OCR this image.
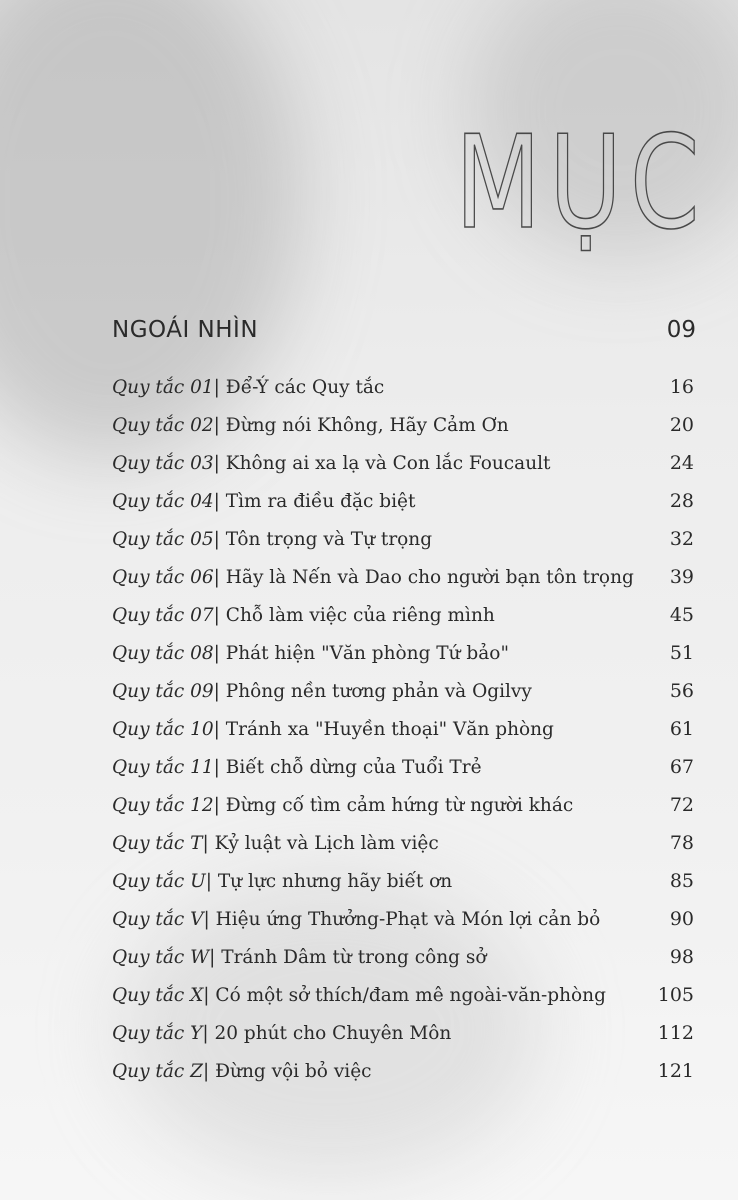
MỤC
NGOÁI NHÌN	09
Quy tắc 01| Để-Ý các Quy tắc	16
Quy tắc 02| Đừng nói Không, Hãy Cảm Ơn	20
Quy tắc 03| Không ai xa lạ và Con lắc Foucault	24
Quy tắc 04| Tìm ra điều đặc biệt	28
Quy tắc 05| Tôn trọng và Tự trọng	32
Quy tắc 06| Hãy là Nến và Dao cho người bạn tôn trọng 39
Quy tắc 07| Chỗ làm việc của riêng mình	45
Quy tắc 08| Phát hiện "Văn phòng Tứ bảo"	51
Quy tắc 09| Phông nền tương phản và Ogilvy	56
Quy tắc 10| Tránh xa "Huyền thoại" Văn phòng	61
Quy tắc 11| Biết chỗ dừng của Tuổi Trẻ	67
Quy tắc 12| Đừng cố tìm cảm hứng từ người khác	72
Quy tắc T| Kỷ luật và Lịch làm việc	78
Quy tắc U| Tự lực nhưng hãy biết ơn	85
Quy tắc V| Hiệu ứng Thưởng-Phạt và Món lợi cản bỏ	90
Quy tắc W| Tránh Dâm từ trong công sở	98
Quy tắc X| Có một sở thích/đam mê ngoài-văn-phòng	105
Quy tắc Y| 20 phút cho Chuyên Môn	112
Quy tắc Z| Đừng vội bỏ việc	121
